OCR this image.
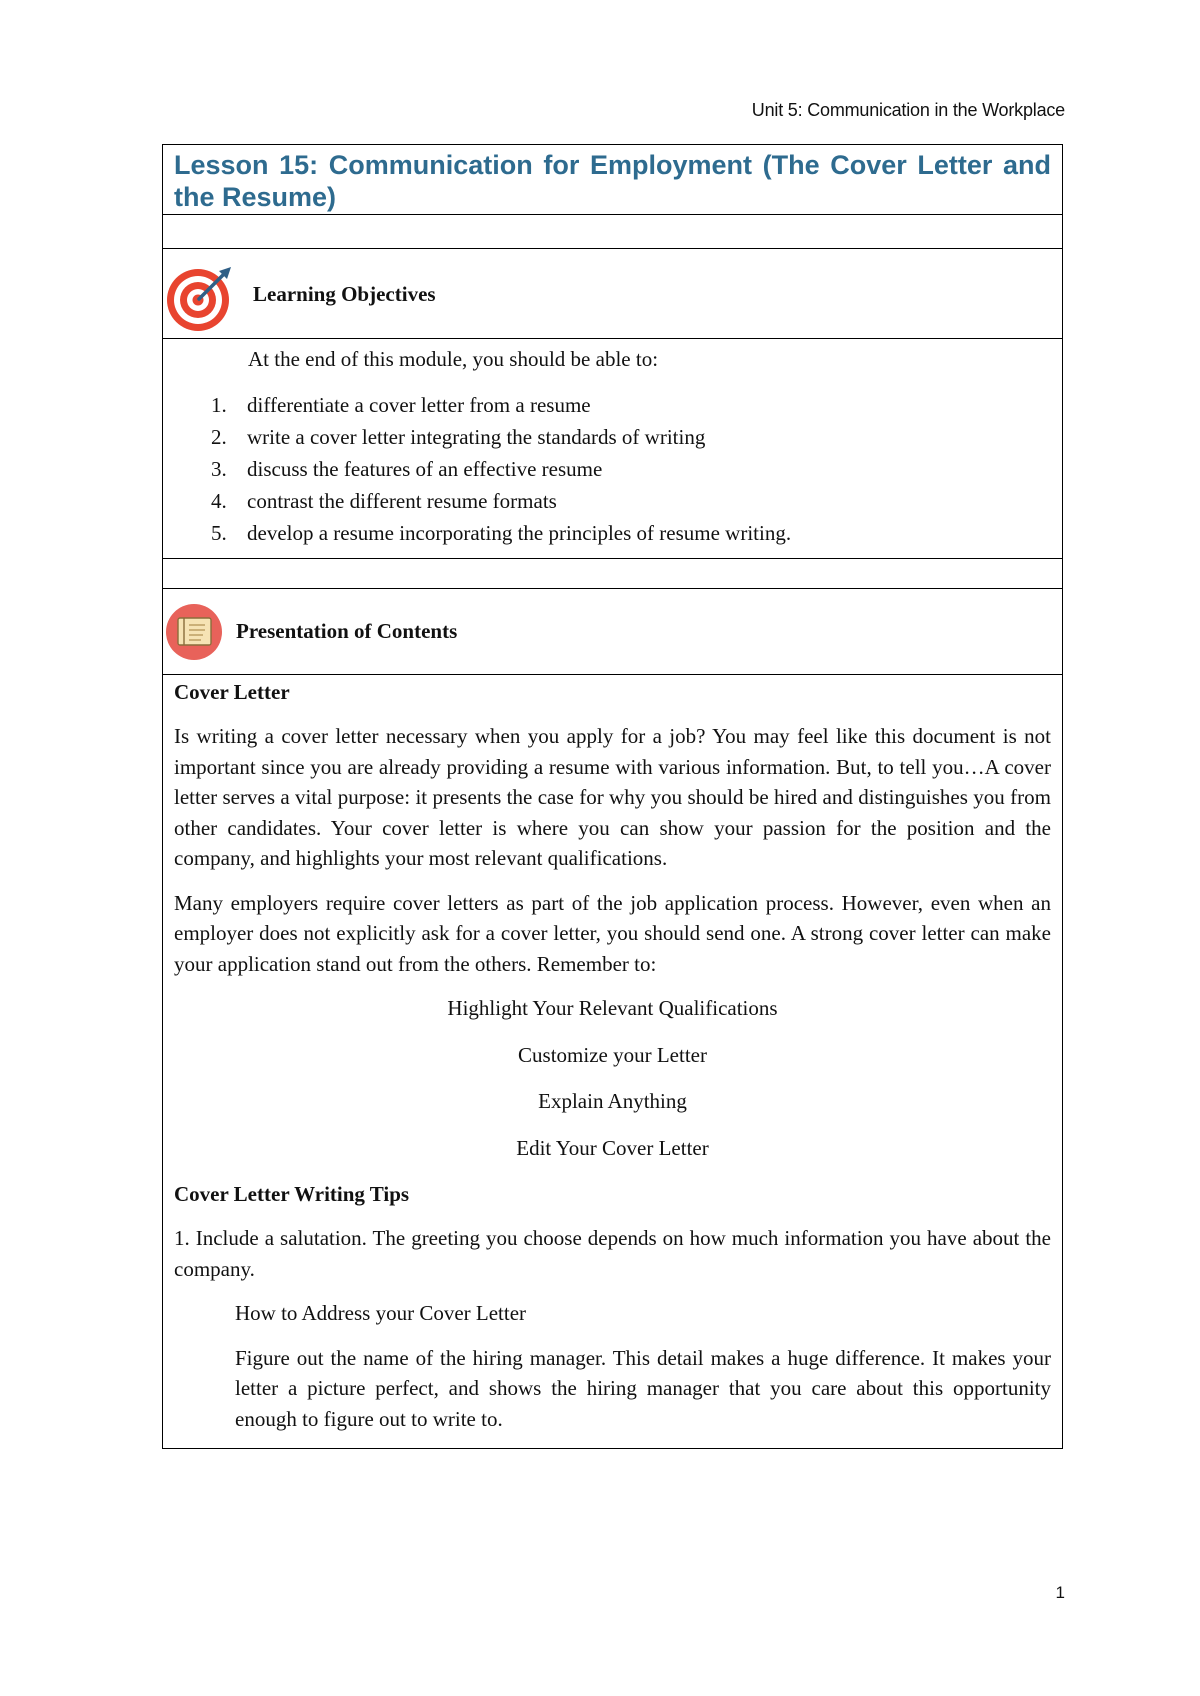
Unit 5: Communication in the Workplace
Lesson 15: Communication for Employment (The Cover Letter and the Resume)
Learning Objectives

At the end of this module, you should be able to:

1. differentiate a cover letter from a resume
2. write a cover letter integrating the standards of writing
3. discuss the features of an effective resume
4. contrast the different resume formats
5. develop a resume incorporating the principles of resume writing.
Presentation of Contents
Cover Letter

Is writing a cover letter necessary when you apply for a job? You may feel like this document is not important since you are already providing a resume with various information. But, to tell you…A cover letter serves a vital purpose: it presents the case for why you should be hired and distinguishes you from other candidates. Your cover letter is where you can show your passion for the position and the company, and highlights your most relevant qualifications.

Many employers require cover letters as part of the job application process. However, even when an employer does not explicitly ask for a cover letter, you should send one. A strong cover letter can make your application stand out from the others. Remember to:

Highlight Your Relevant Qualifications

Customize your Letter

Explain Anything

Edit Your Cover Letter

Cover Letter Writing Tips

1. Include a salutation. The greeting you choose depends on how much information you have about the company.

How to Address your Cover Letter

Figure out the name of the hiring manager. This detail makes a huge difference. It makes your letter a picture perfect, and shows the hiring manager that you care about this opportunity enough to figure out to write to.

1
